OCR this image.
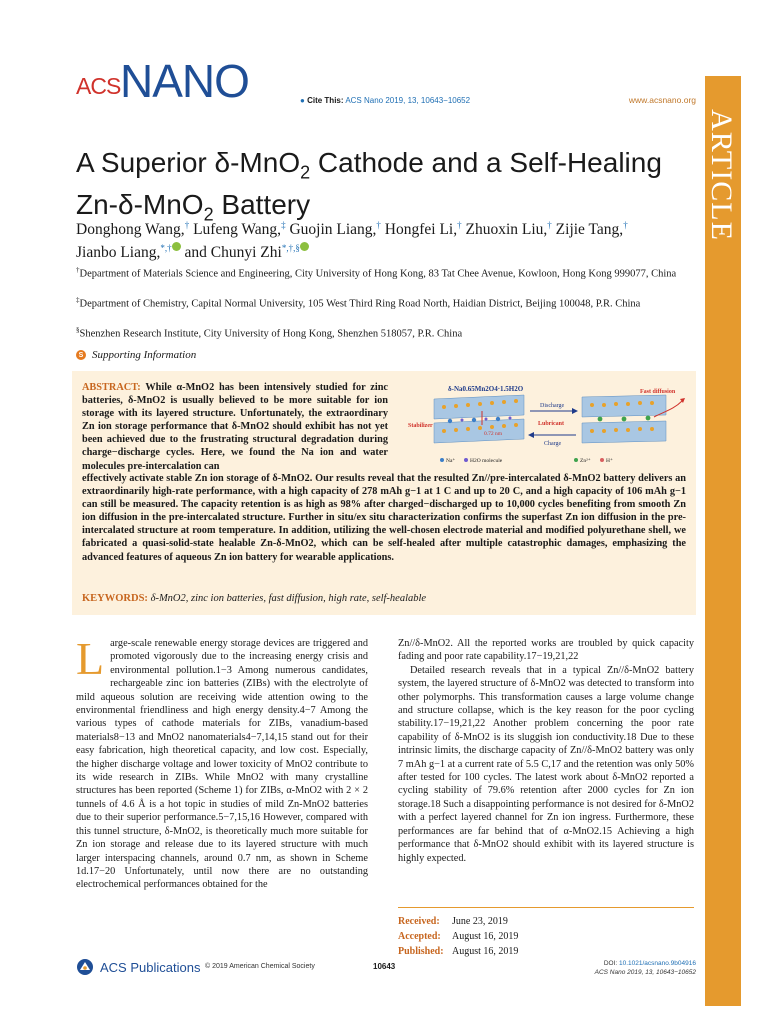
ACS NANO	● Cite This: ACS Nano 2019, 13, 10643−10652	www.acsnano.org
ARTICLE
A Superior δ-MnO$_2$ Cathode and a Self-Healing Zn-δ-MnO$_2$ Battery
Donghong Wang,† Lufeng Wang,‡ Guojin Liang,† Hongfei Li,† Zhuoxin Liu,† Zijie Tang,†
Jianbo Liang,*,† and Chunyi Zhi*,†,§
†Department of Materials Science and Engineering, City University of Hong Kong, 83 Tat Chee Avenue, Kowloon, Hong Kong 999077, China
‡Department of Chemistry, Capital Normal University, 105 West Third Ring Road North, Haidian District, Beijing 100048, P.R. China
§Shenzhen Research Institute, City University of Hong Kong, Shenzhen 518057, P.R. China
S Supporting Information
ABSTRACT: While α-MnO2 has been intensively studied for zinc batteries, δ-MnO2 is usually believed to be more suitable for ion storage with its layered structure. Unfortunately, the extraordinary Zn ion storage performance that δ-MnO2 should exhibit has not yet been achieved due to the frustrating structural degradation during charge−discharge cycles. Here, we found the Na ion and water molecules pre-intercalation can
δ-Na0.65Mn2O4·1.5H2O
Stabilizer
0.72 nm
Discharge
Lubricant
Charge
Fast diffusion
Na⁺	H2O molecule	Zn²⁺	H⁺
effectively activate stable Zn ion storage of δ-MnO2. Our results reveal that the resulted Zn//pre-intercalated δ-MnO2 battery delivers an extraordinarily high-rate performance, with a high capacity of 278 mAh g−1 at 1 C and up to 20 C, and a high capacity of 106 mAh g−1 can still be measured. The capacity retention is as high as 98% after charged−discharged up to 10,000 cycles benefiting from smooth Zn ion diffusion in the pre-intercalated structure. Further in situ/ex situ characterization confirms the superfast Zn ion diffusion in the pre-intercalated structure at room temperature. In addition, utilizing the well-chosen electrode material and modified polyurethane shell, we fabricated a quasi-solid-state healable Zn-δ-MnO2, which can be self-healed after multiple catastrophic damages, emphasizing the advanced features of aqueous Zn ion battery for wearable applications.
KEYWORDS: δ-MnO2, zinc ion batteries, fast diffusion, high rate, self-healable
Large-scale renewable energy storage devices are triggered and promoted vigorously due to the increasing energy crisis and environmental pollution.1−3 Among numerous candidates, rechargeable zinc ion batteries (ZIBs) with the electrolyte of mild aqueous solution are receiving wide attention owing to the environmental friendliness and high energy density.4−7 Among the various types of cathode materials for ZIBs, vanadium-based materials8−13 and MnO2 nanomaterials4−7,14,15 stand out for their easy fabrication, high theoretical capacity, and low cost. Especially, the higher discharge voltage and lower toxicity of MnO2 contribute to its wide research in ZIBs. While MnO2 with many crystalline structures has been reported (Scheme 1) for ZIBs, α-MnO2 with 2 × 2 tunnels of 4.6 Å is a hot topic in studies of mild Zn-MnO2 batteries due to their superior performance.5−7,15,16 However, compared with this tunnel structure, δ-MnO2, is theoretically much more suitable for Zn ion storage and release due to its layered structure with much larger interspacing channels, around 0.7 nm, as shown in Scheme 1d.17−20 Unfortunately, until now there are no outstanding electrochemical performances obtained for the
Zn//δ-MnO2. All the reported works are troubled by quick capacity fading and poor rate capability.17−19,21,22
Detailed research reveals that in a typical Zn//δ-MnO2 battery system, the layered structure of δ-MnO2 was detected to transform into other polymorphs. This transformation causes a large volume change and structure collapse, which is the key reason for the poor cycling stability.17−19,21,22 Another problem concerning the poor rate capability of δ-MnO2 is its sluggish ion conductivity.18 Due to these intrinsic limits, the discharge capacity of Zn//δ-MnO2 battery was only 7 mAh g−1 at a current rate of 5.5 C,17 and the retention was only 50% after tested for 100 cycles. The latest work about δ-MnO2 reported a cycling stability of 79.6% retention after 2000 cycles for Zn ion storage.18 Such a disappointing performance is not desired for δ-MnO2 with a perfect layered channel for Zn ion ingress. Furthermore, these performances are far behind that of α-MnO2.15 Achieving a high performance that δ-MnO2 should exhibit with its layered structure is highly expected.
Received: June 23, 2019
Accepted: August 16, 2019
Published: August 16, 2019
ACS Publications © 2019 American Chemical Society	10643	DOI: 10.1021/acsnano.9b04916
ACS Nano 2019, 13, 10643−10652
